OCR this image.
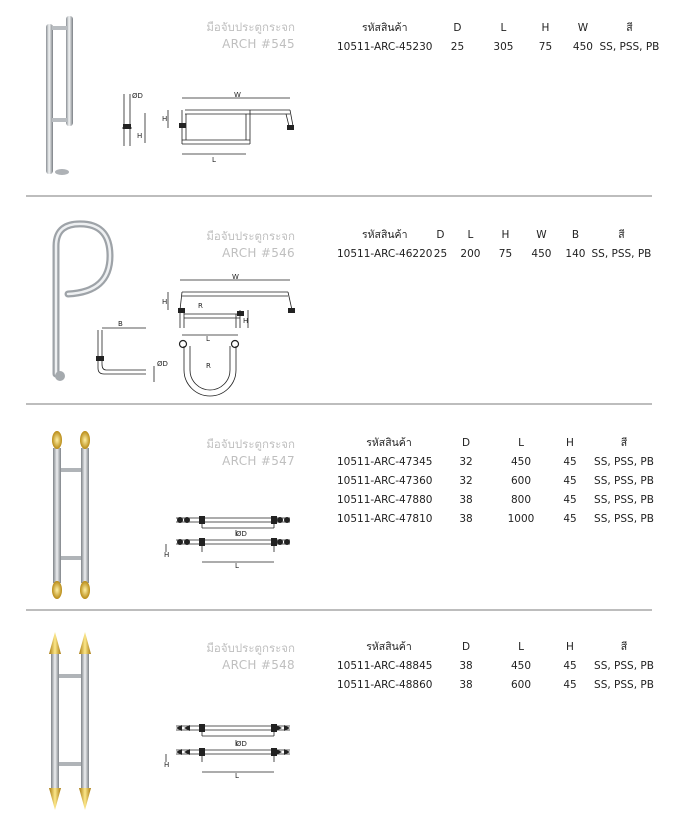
ØD
H
W
H
L
มือจับประตูกระจก
ARCH #545
รหัสสินค้า	D	L	H	W	สี
10511-ARC-45230	25	305	75	450	SS, PSS, PB
W
H	R
H
L
B
ØD	R
มือจับประตูกระจก
ARCH #546
รหัสสินค้า	D	L	H	W	B	สี
10511-ARC-46220	25	200	75	450	140	SS, PSS, PB
ØD
H
L
มือจับประตูกระจก
ARCH #547
รหัสสินค้า	D	L	H	สี
10511-ARC-47345	32	450	45	SS, PSS, PB
10511-ARC-47360	32	600	45	SS, PSS, PB
10511-ARC-47880	38	800	45	SS, PSS, PB
10511-ARC-47810	38	1000	45	SS, PSS, PB
ØD
H
L
มือจับประตูกระจก
ARCH #548
รหัสสินค้า	D	L	H	สี
10511-ARC-48845	38	450	45	SS, PSS, PB
10511-ARC-48860	38	600	45	SS, PSS, PB
